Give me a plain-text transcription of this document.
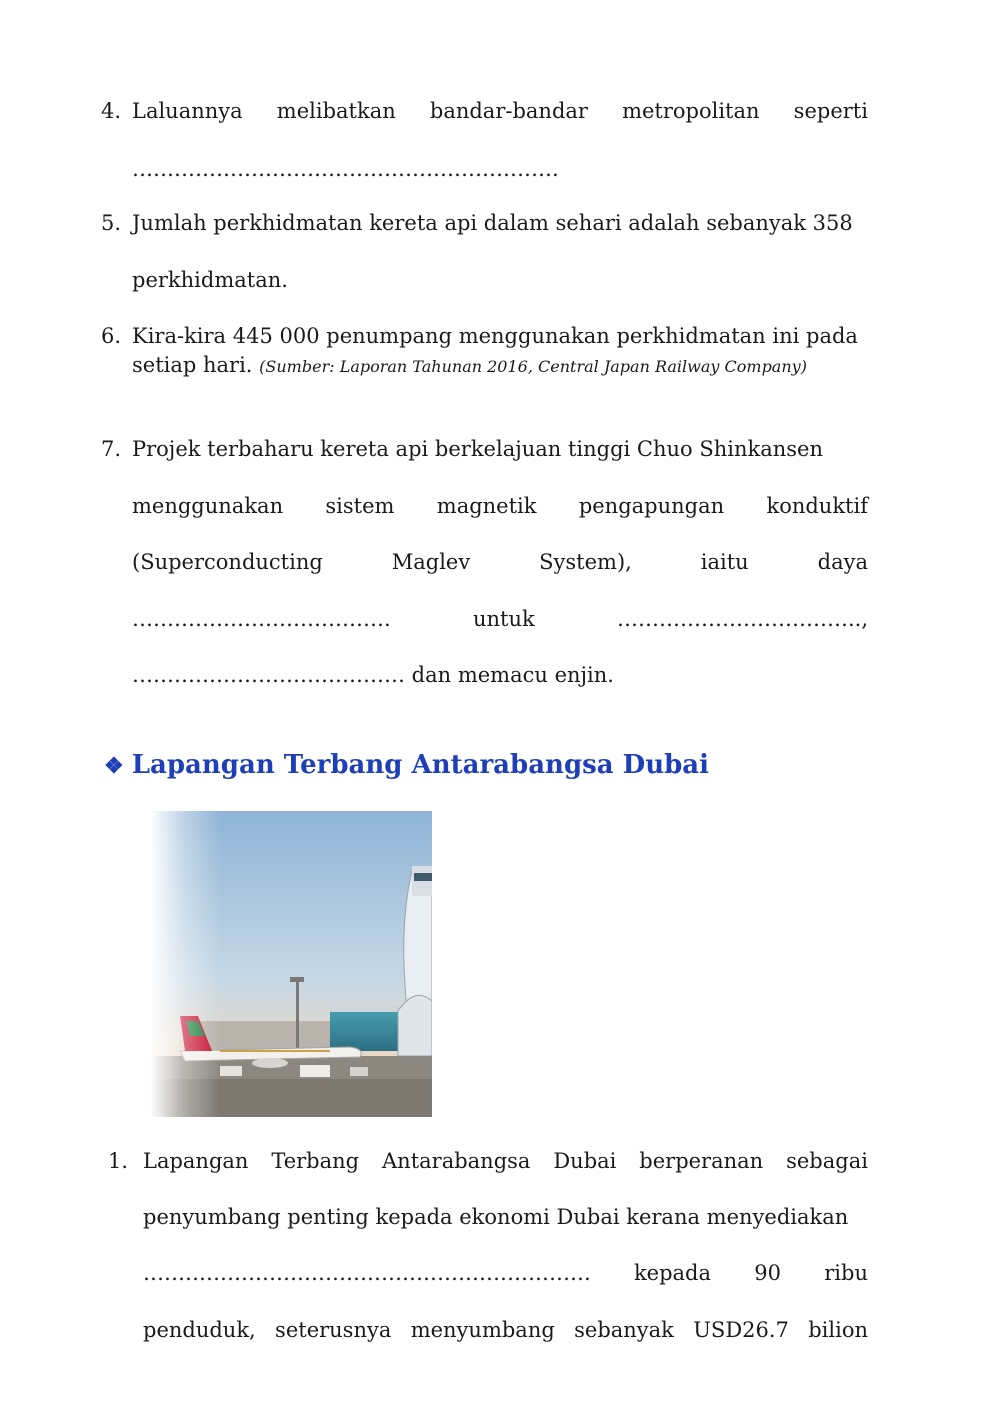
4. Laluannya melibatkan bandar-bandar metropolitan seperti
…………………………………………………….
5. Jumlah perkhidmatan kereta api dalam sehari adalah sebanyak 358
perkhidmatan.
6. Kira-kira 445 000 penumpang menggunakan perkhidmatan ini pada
setiap hari. (Sumber: Laporan Tahunan 2016, Central Japan Railway Company)
7. Projek terbaharu kereta api berkelajuan tinggi Chuo Shinkansen
menggunakan sistem magnetik pengapungan konduktif
(Superconducting	Maglev	System),	iaitu	daya
……………………………….	untuk	……………………………..,
………………………………… dan memacu enjin.
❖ Lapangan Terbang Antarabangsa Dubai
1. Lapangan Terbang Antarabangsa Dubai berperanan sebagai
penyumbang penting kepada ekonomi Dubai kerana menyediakan
………………………………………………………. kepada 90 ribu
penduduk, seterusnya menyumbang sebanyak USD26.7 bilion
